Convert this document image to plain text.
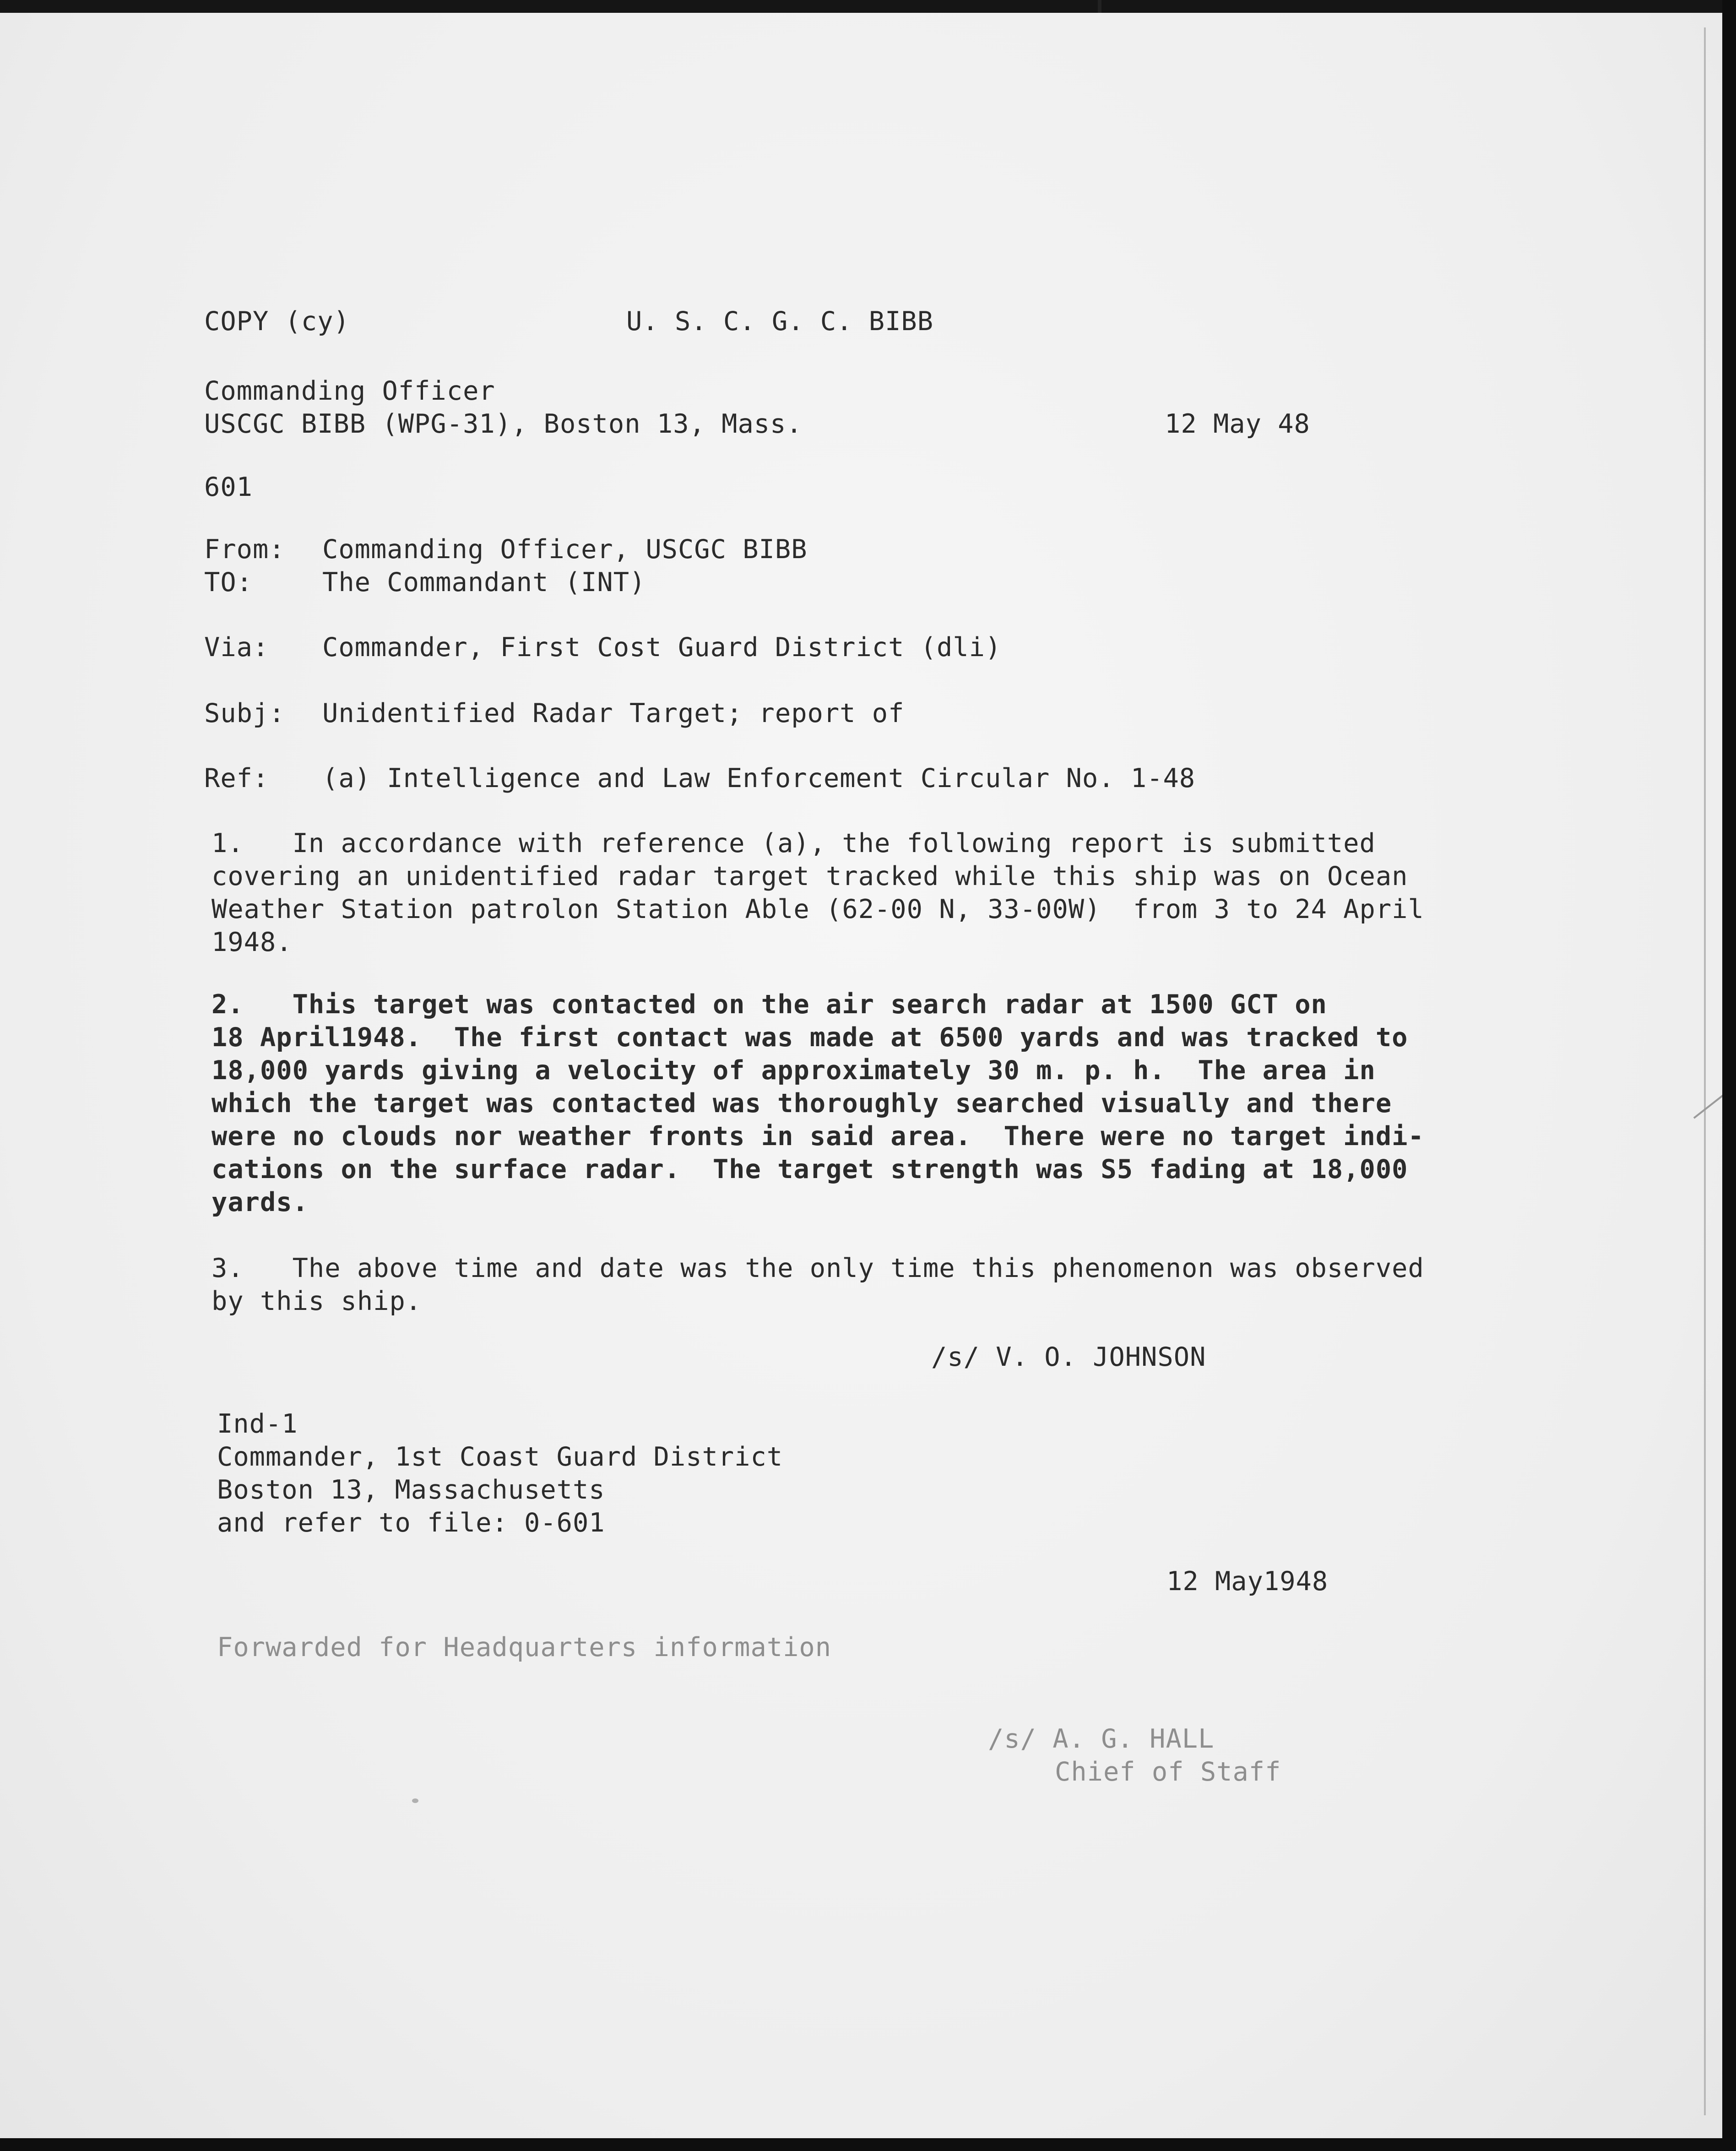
COPY (cy)	U. S. C. G. C. BIBB
Commanding Officer
USCGC BIBB (WPG-31), Boston 13, Mass.	12 May 48
601
From: Commanding Officer, USCGC BIBB
TO:	The Commandant (INT)
Via: Commander, First Cost Guard District (dli)
Subj: Unidentified Radar Target; report of
Ref: (a) Intelligence and Law Enforcement Circular No. 1-48
1.   In accordance with reference (a), the following report is submitted
covering an unidentified radar target tracked while this ship was on Ocean
Weather Station patrolon Station Able (62-00 N, 33-00W)  from 3 to 24 April
1948.
2.   This target was contacted on the air search radar at 1500 GCT on
18 April1948.  The first contact was made at 6500 yards and was tracked to
18,000 yards giving a velocity of approximately 30 m. p. h.  The area in
which the target was contacted was thoroughly searched visually and there
were no clouds nor weather fronts in said area.  There were no target indi-
cations on the surface radar.  The target strength was S5 fading at 18,000
yards.
3.   The above time and date was the only time this phenomenon was observed
by this ship.
/s/ V. O. JOHNSON
Ind-1
Commander, 1st Coast Guard District
Boston 13, Massachusetts
and refer to file: 0-601
12 May1948
Forwarded for Headquarters information
/s/ A. G. HALL
Chief of Staff
